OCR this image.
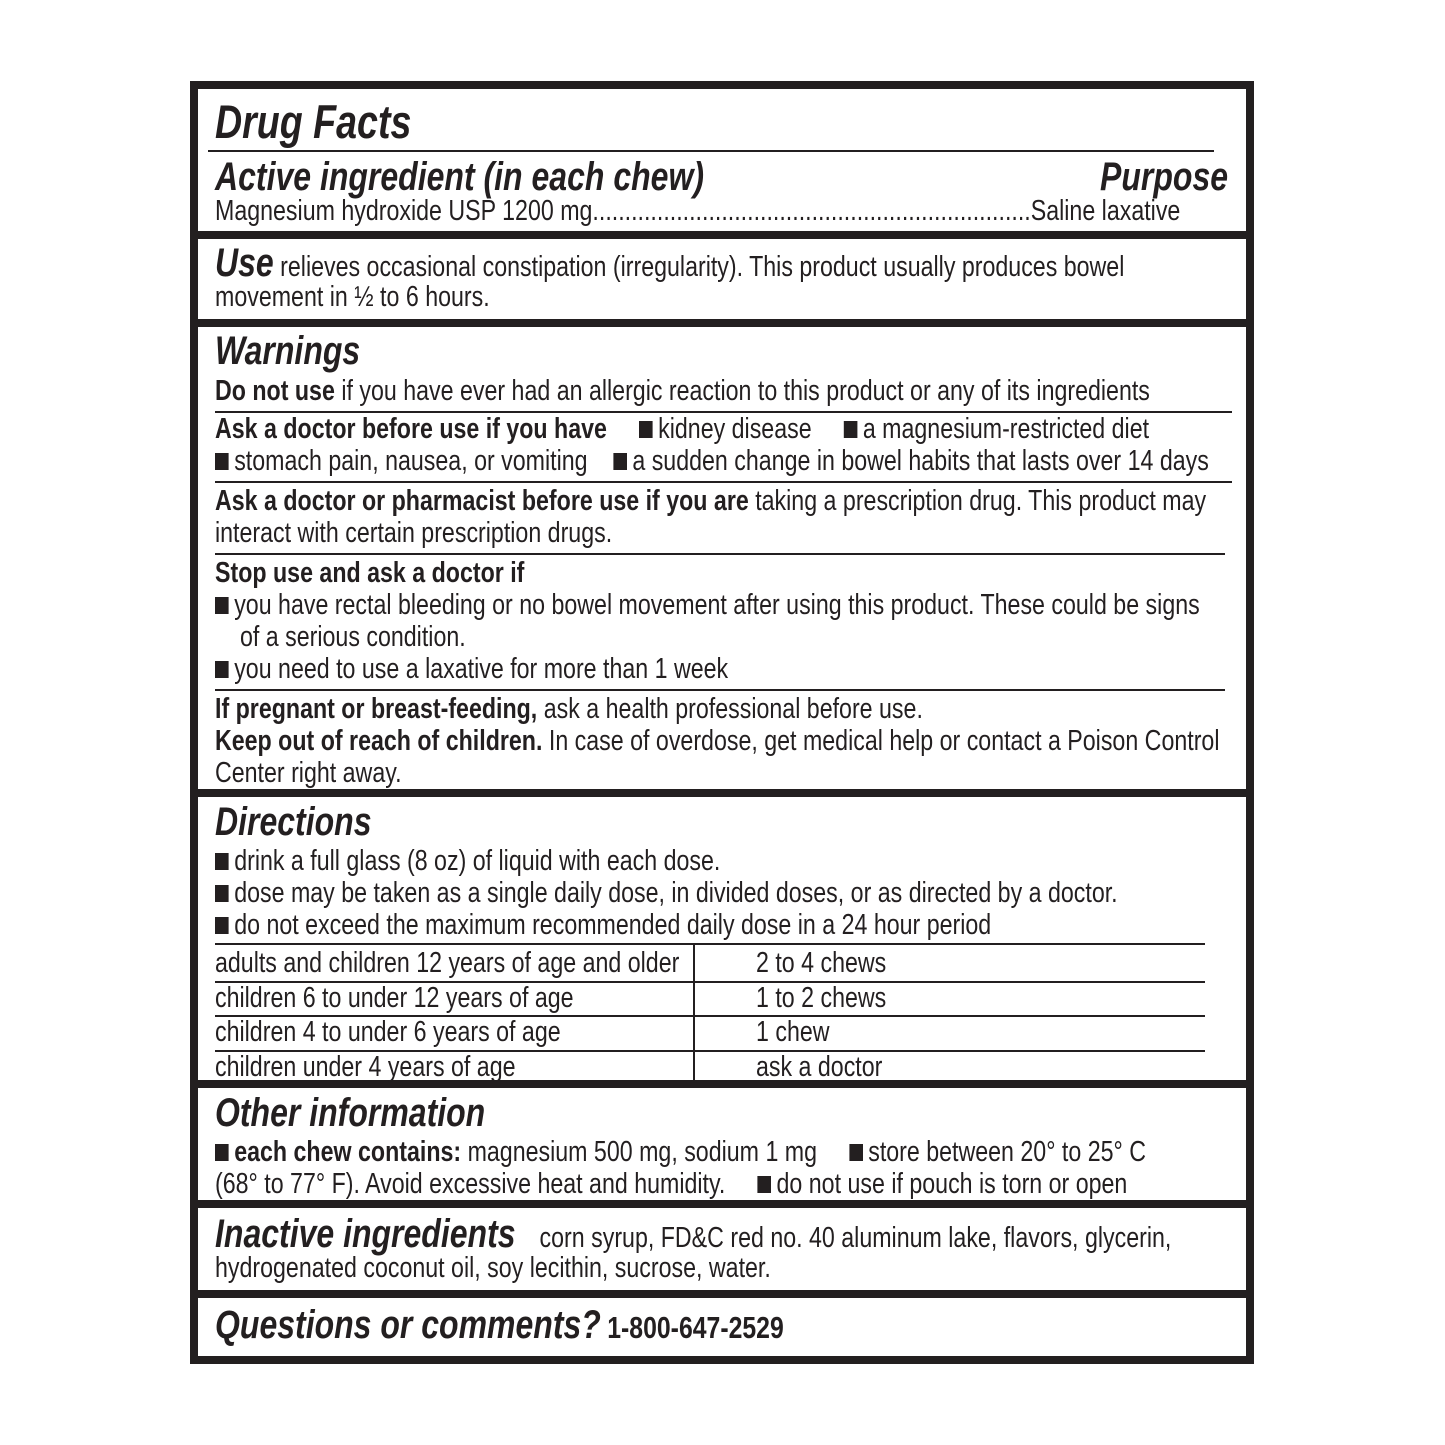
Drug Facts
Active ingredient (in each chew)	Purpose
Magnesium hydroxide USP 1200 mg....................................................................Saline laxative
Use relieves occasional constipation (irregularity). This product usually produces bowel
movement in ½ to 6 hours.
Warnings
Do not use if you have ever had an allergic reaction to this product or any of its ingredients
Ask a doctor before use if you have kidney disease a magnesium-restricted diet
stomach pain, nausea, or vomiting a sudden change in bowel habits that lasts over 14 days
Ask a doctor or pharmacist before use if you are taking a prescription drug. This product may
interact with certain prescription drugs.
Stop use and ask a doctor if
you have rectal bleeding or no bowel movement after using this product. These could be signs
of a serious condition.
you need to use a laxative for more than 1 week
If pregnant or breast-feeding, ask a health professional before use.
Keep out of reach of children. In case of overdose, get medical help or contact a Poison Control
Center right away.
Directions
drink a full glass (8 oz) of liquid with each dose.
dose may be taken as a single daily dose, in divided doses, or as directed by a doctor.
do not exceed the maximum recommended daily dose in a 24 hour period
adults and children 12 years of age and older	2 to 4 chews
children 6 to under 12 years of age	1 to 2 chews
children 4 to under 6 years of age	1 chew
children under 4 years of age	ask a doctor
Other information
each chew contains: magnesium 500 mg, sodium 1 mg store between 20° to 25° C
(68° to 77° F). Avoid excessive heat and humidity. do not use if pouch is torn or open
Inactive ingredients corn syrup, FD&C red no. 40 aluminum lake, flavors, glycerin,
hydrogenated coconut oil, soy lecithin, sucrose, water.
Questions or comments? 1-800-647-2529
